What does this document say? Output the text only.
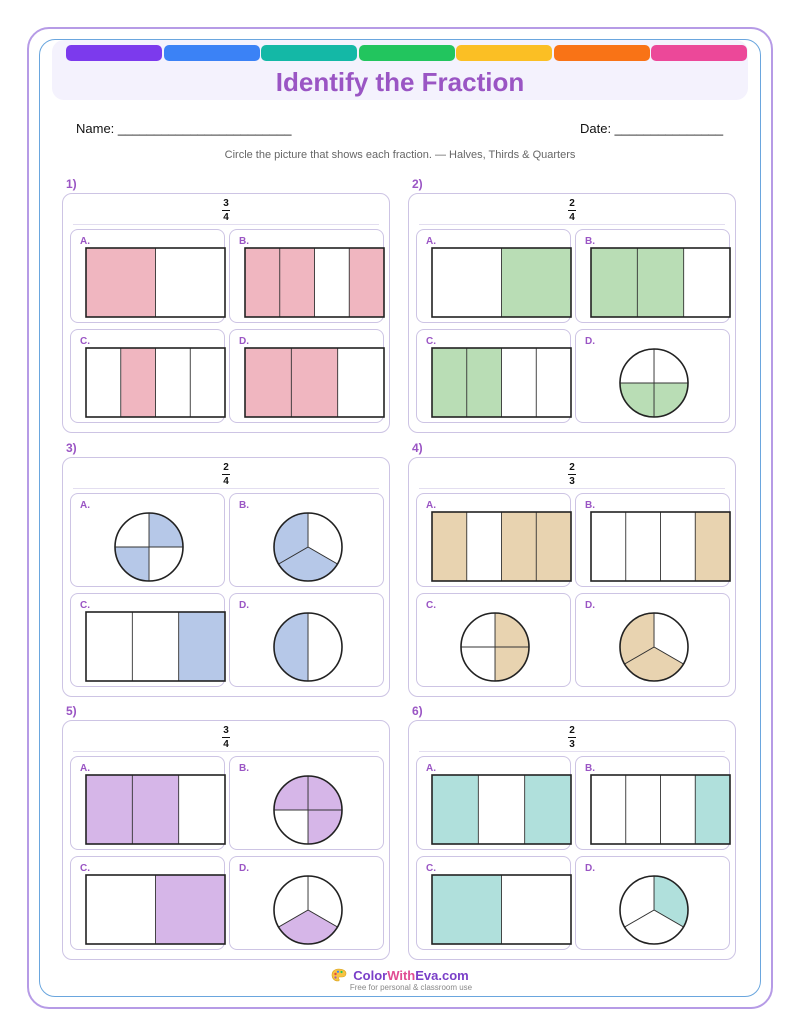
Identify the Fraction
Name: ________________________	Date: _______________
Circle the picture that shows each fraction. — Halves, Thirds & Quarters
1)
3
4
A.	B.
C.	D.
2)
2
4
A.	B.
C.	D.
3)
2
4
A.	B.
C.	D.
4)
2
3
A.	B.
C.	D.
5)
3
4
A.	B.
C.	D.
6)
2
3
A.	B.
C.	D.
ColorWithEva.com
Free for personal & classroom use
